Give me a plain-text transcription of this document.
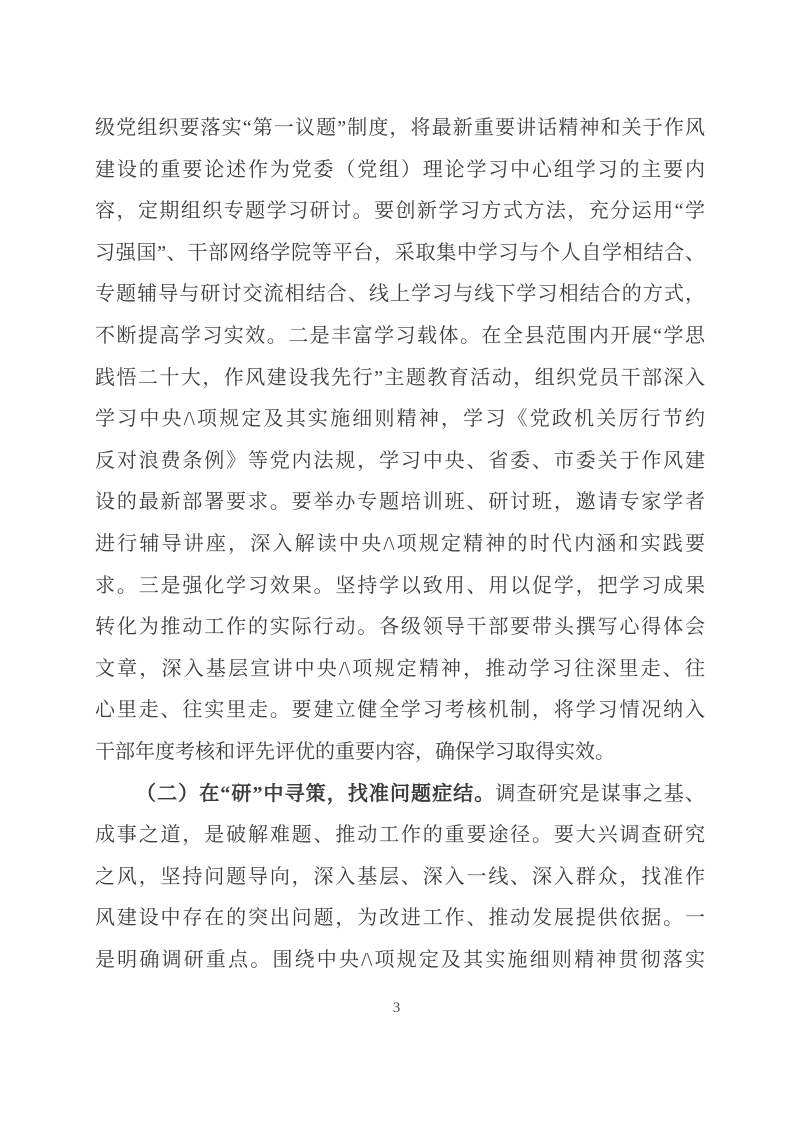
级党组织要落实“第一议题”制度，将最新重要讲话精神和关于作风
建设的重要论述作为党委（党组）理论学习中心组学习的主要内
容，定期组织专题学习研讨。要创新学习方式方法，充分运用“学
习强国”、干部网络学院等平台，采取集中学习与个人自学相结合、
专题辅导与研讨交流相结合、线上学习与线下学习相结合的方式，
不断提高学习实效。二是丰富学习载体。在全县范围内开展“学思
践悟二十大，作风建设我先行”主题教育活动，组织党员干部深入
学习中央/\项规定及其实施细则精神，学习《党政机关厉行节约
反对浪费条例》等党内法规，学习中央、省委、市委关于作风建
设的最新部署要求。要举办专题培训班、研讨班，邀请专家学者
进行辅导讲座，深入解读中央/\项规定精神的时代内涵和实践要
求。三是强化学习效果。坚持学以致用、用以促学，把学习成果
转化为推动工作的实际行动。各级领导干部要带头撰写心得体会
文章，深入基层宣讲中央/\项规定精神，推动学习往深里走、往
心里走、往实里走。要建立健全学习考核机制，将学习情况纳入
干部年度考核和评先评优的重要内容，确保学习取得实效。
（二）在“研”中寻策，找准问题症结。调查研究是谋事之基、
成事之道，是破解难题、推动工作的重要途径。要大兴调查研究
之风，坚持问题导向，深入基层、深入一线、深入群众，找准作
风建设中存在的突出问题，为改进工作、推动发展提供依据。一
是明确调研重点。围绕中央/\项规定及其实施细则精神贯彻落实
3
